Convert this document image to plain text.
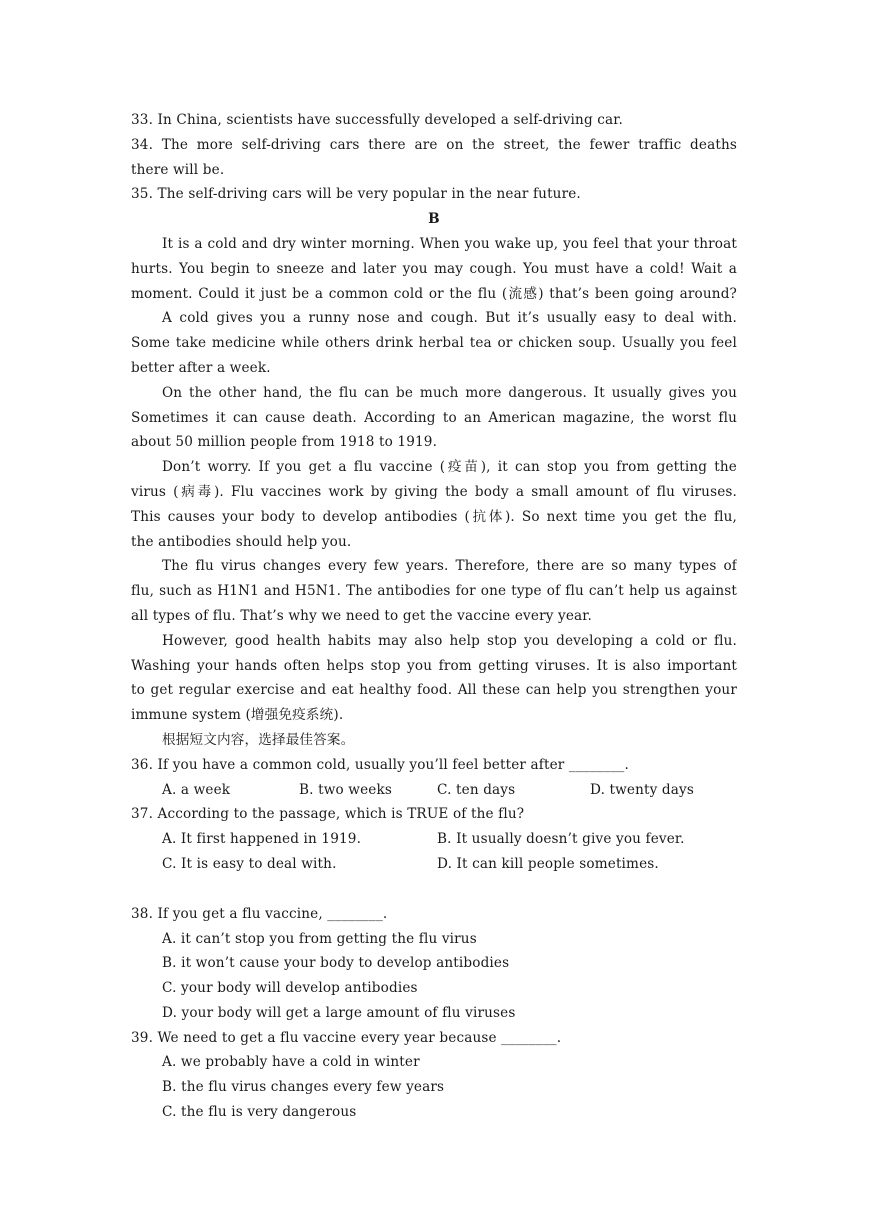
33. In China, scientists have successfully developed a self-driving car.
34. The more self-driving cars there are on the street, the fewer traffic deaths
there will be.
35. The self-driving cars will be very popular in the near future.
B
It is a cold and dry winter morning. When you wake up, you feel that your throat
hurts. You begin to sneeze and later you may cough. You must have a cold! Wait a
moment. Could it just be a common cold or the flu (流感) that’s been going around?
A cold gives you a runny nose and cough. But it’s usually easy to deal with.
Some take medicine while others drink herbal tea or chicken soup. Usually you feel
better after a week.
On the other hand, the flu can be much more dangerous. It usually gives you
Sometimes it can cause death. According to an American magazine, the worst flu
about 50 million people from 1918 to 1919.
Don’t worry. If you get a flu vaccine (疫苗), it can stop you from getting the
virus (病毒). Flu vaccines work by giving the body a small amount of flu viruses.
This causes your body to develop antibodies (抗体). So next time you get the flu,
the antibodies should help you.
The flu virus changes every few years. Therefore, there are so many types of
flu, such as H1N1 and H5N1. The antibodies for one type of flu can’t help us against
all types of flu. That’s why we need to get the vaccine every year.
However, good health habits may also help stop you developing a cold or flu.
Washing your hands often helps stop you from getting viruses. It is also important
to get regular exercise and eat healthy food. All these can help you strengthen your
immune system (增强免疫系统).
根据短文内容，选择最佳答案。
36. If you have a common cold, usually you’ll feel better after ________.
A. a week	B. two weeks	C. ten days	D. twenty days
37. According to the passage, which is TRUE of the flu?
A. It first happened in 1919.	B. It usually doesn’t give you fever.
C. It is easy to deal with.	D. It can kill people sometimes.
38. If you get a flu vaccine, ________.
A. it can’t stop you from getting the flu virus
B. it won’t cause your body to develop antibodies
C. your body will develop antibodies
D. your body will get a large amount of flu viruses
39. We need to get a flu vaccine every year because ________.
A. we probably have a cold in winter
B. the flu virus changes every few years
C. the flu is very dangerous
